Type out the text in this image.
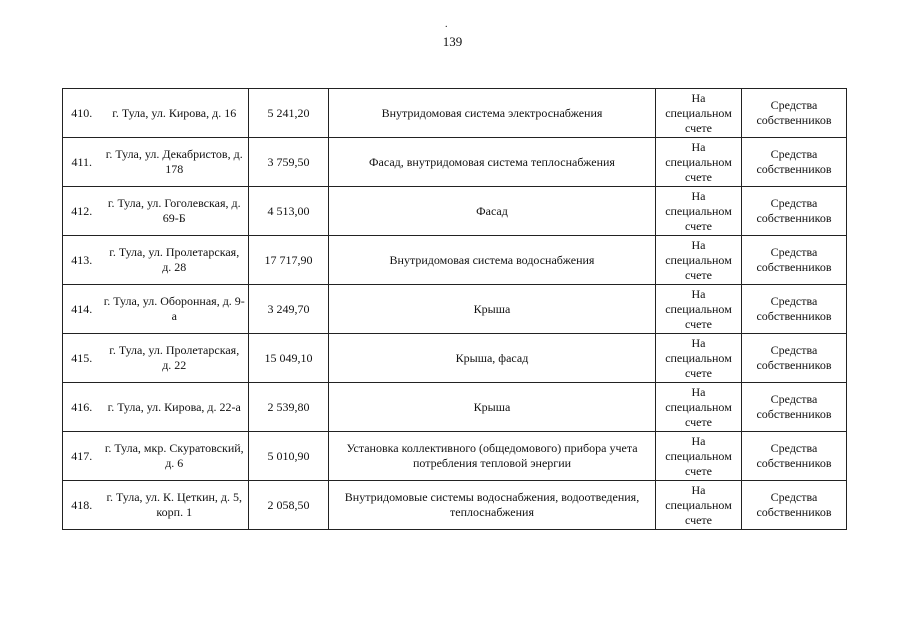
.
139
410.	г. Тула, ул. Кирова, д. 16	5 241,20	Внутридомовая система электроснабжения	На специальном счете	Средства собственников
411.	г. Тула, ул. Декабристов, д. 178	3 759,50	Фасад, внутридомовая система теплоснабжения	На специальном счете	Средства собственников
412.	г. Тула, ул. Гоголевская, д. 69-Б	4 513,00	Фасад	На специальном счете	Средства собственников
413.	г. Тула, ул. Пролетарская, д. 28	17 717,90	Внутридомовая система водоснабжения	На специальном счете	Средства собственников
414.	г. Тула, ул. Оборонная, д. 9-а	3 249,70	Крыша	На специальном счете	Средства собственников
415.	г. Тула, ул. Пролетарская, д. 22	15 049,10	Крыша, фасад	На специальном счете	Средства собственников
416.	г. Тула, ул. Кирова, д. 22-а	2 539,80	Крыша	На специальном счете	Средства собственников
417.	г. Тула, мкр. Скуратовский, д. 6	5 010,90	Установка коллективного (общедомового) прибора учета потребления тепловой энергии	На специальном счете	Средства собственников
418.	г. Тула, ул. К. Цеткин, д. 5, корп. 1	2 058,50	Внутридомовые системы водоснабжения, водоотведения, теплоснабжения	На специальном счете	Средства собственников
